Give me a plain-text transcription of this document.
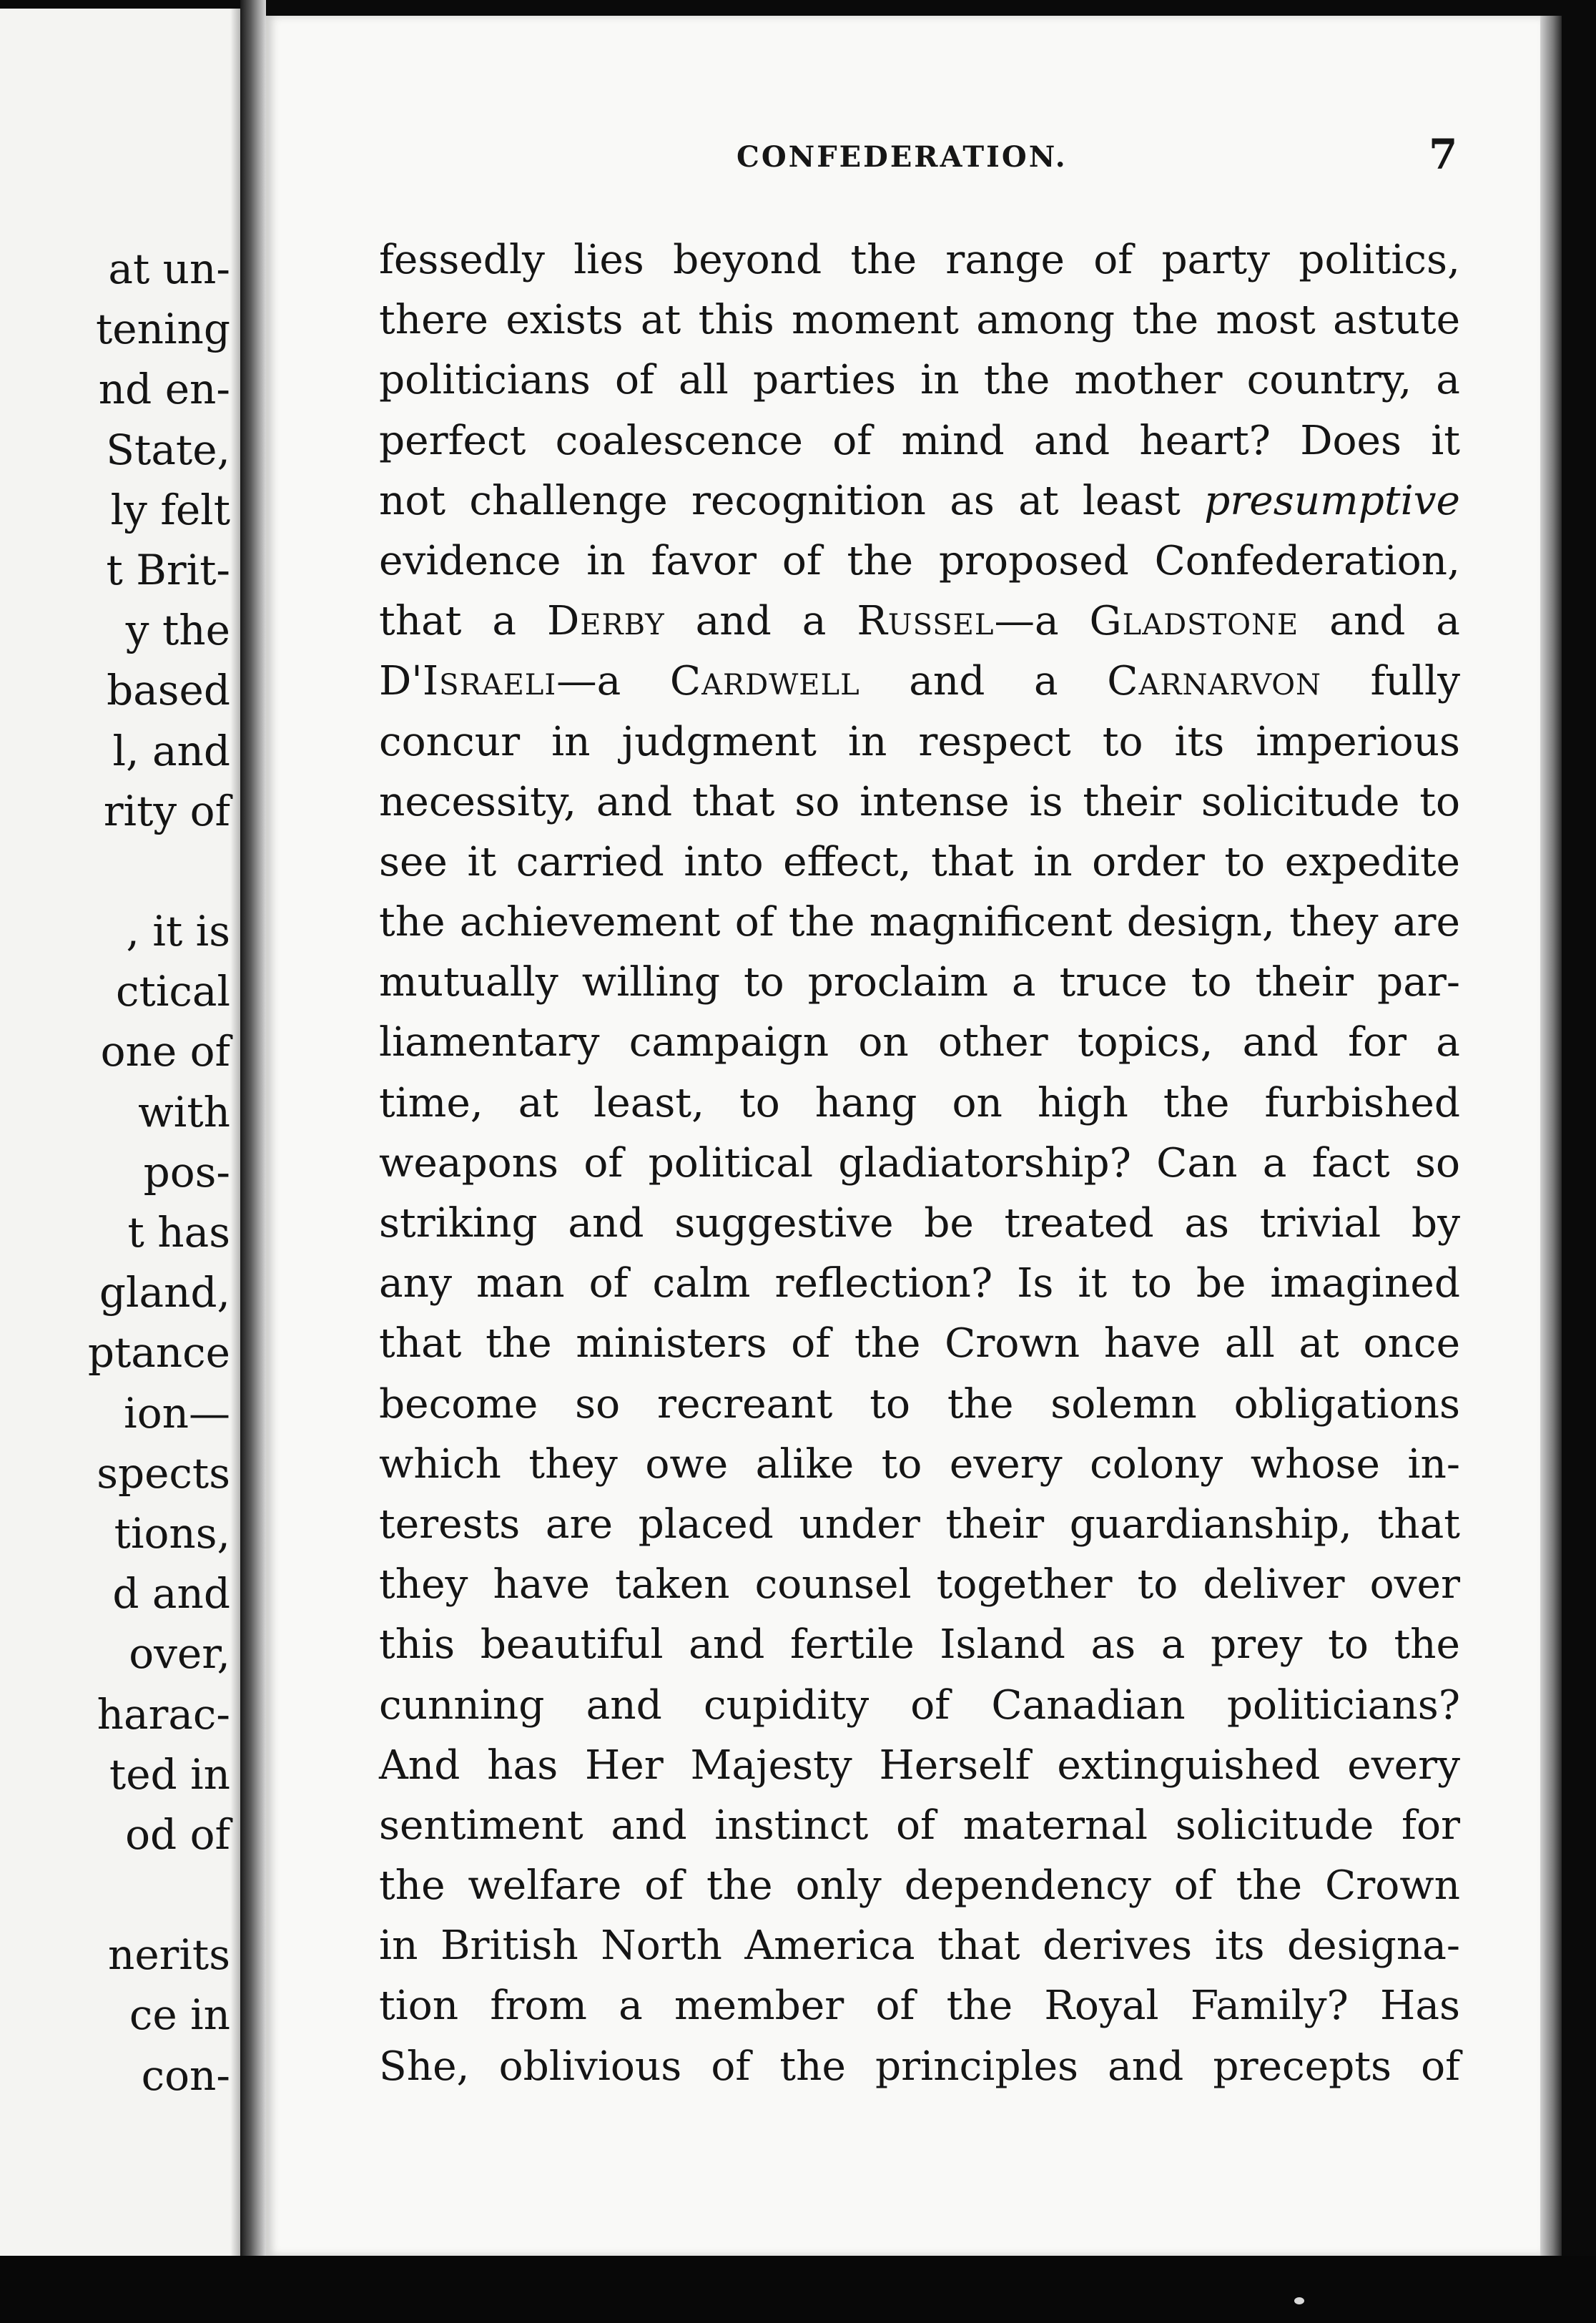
at un-
tening
nd en-
State,
ly felt
t Brit-
y the
based
l, and
rity of
, it is
ctical
one of
with
pos-
t has
gland,
ptance
ion—
spects
tions,
d and
over,
harac-
ted in
od of
nerits
ce in
con-

CONFEDERATION.	7

fessedly lies beyond the range of party politics,
there exists at this moment among the most astute
politicians of all parties in the mother country, a
perfect coalescence of mind and heart? Does it
not challenge recognition as at least presumptive
evidence in favor of the proposed Confederation,
that a Derby and a Russel—a Gladstone and a
D'Israeli—a Cardwell and a Carnarvon fully
concur in judgment in respect to its imperious
necessity, and that so intense is their solicitude to
see it carried into effect, that in order to expedite
the achievement of the magnificent design, they are
mutually willing to proclaim a truce to their par-
liamentary campaign on other topics, and for a
time, at least, to hang on high the furbished
weapons of political gladiatorship? Can a fact so
striking and suggestive be treated as trivial by
any man of calm reflection? Is it to be imagined
that the ministers of the Crown have all at once
become so recreant to the solemn obligations
which they owe alike to every colony whose in-
terests are placed under their guardianship, that
they have taken counsel together to deliver over
this beautiful and fertile Island as a prey to the
cunning and cupidity of Canadian politicians?
And has Her Majesty Herself extinguished every
sentiment and instinct of maternal solicitude for
the welfare of the only dependency of the Crown
in British North America that derives its designa-
tion from a member of the Royal Family? Has
She, oblivious of the principles and precepts of
